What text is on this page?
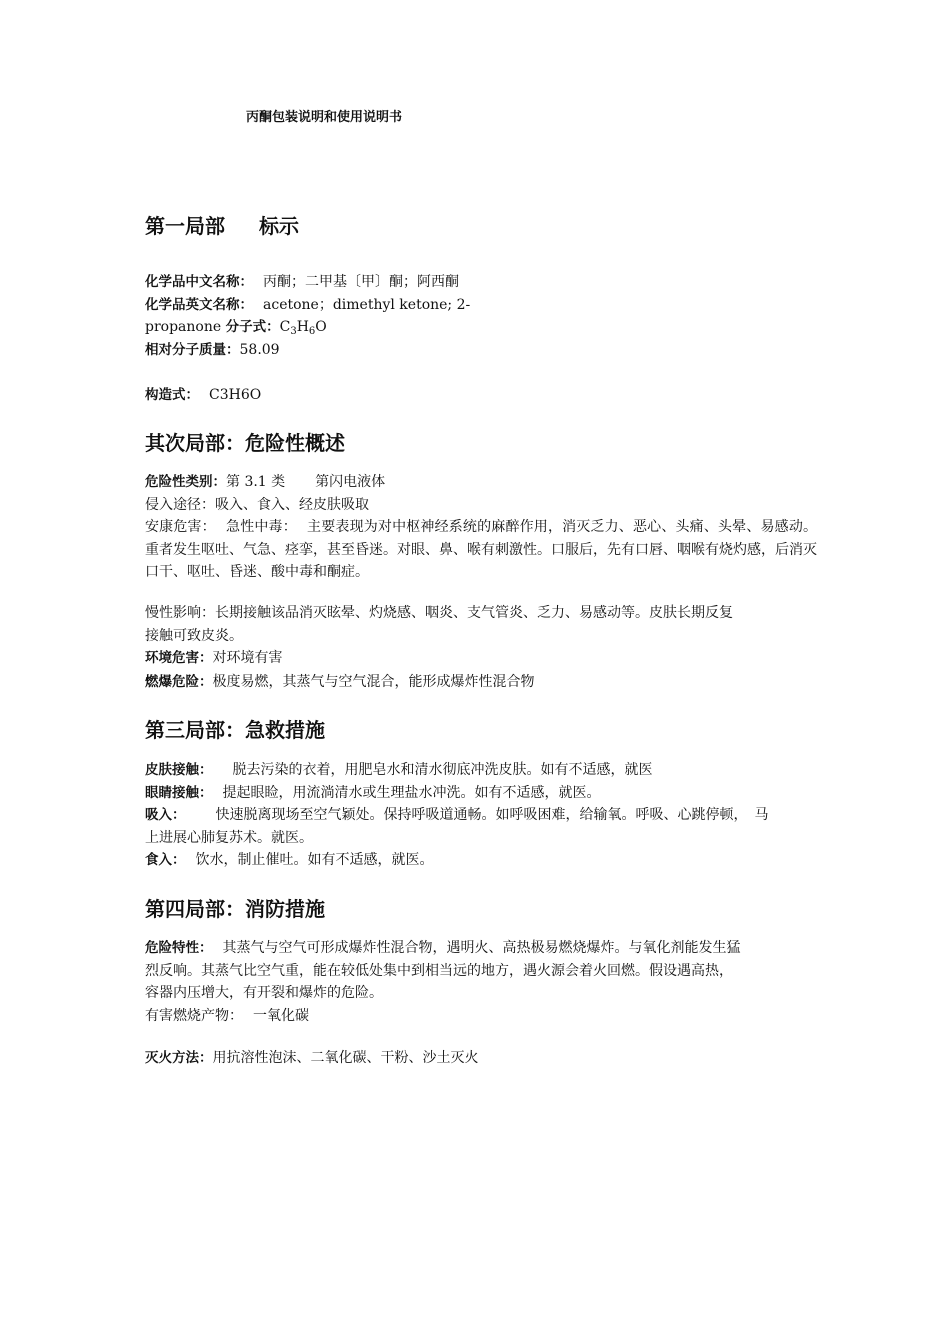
丙酮包装说明和使用说明书

第一局部 标示

化学品中文名称： 丙酮；二甲基〔甲〕酮；阿西酮

化学品英文名称： acetone；dimethyl ketone; 2-

propanone 分子式：$C_3H_6O$

相对分子质量：58.09

构造式： C3H6O

其次局部：危险性概述

危险性类别：第 3.1 类 第闪电液体

侵入途径：吸入、食入、经皮肤吸取

安康危害： 急性中毒： 主要表现为对中枢神经系统的麻醉作用，消灭乏力、恶心、头痛、头晕、易感动。重者发生呕吐、气急、痉挛，甚至昏迷。对眼、鼻、喉有刺激性。口服后，先有口唇、咽喉有烧灼感，后消灭口干、呕吐、昏迷、酸中毒和酮症。

慢性影响：长期接触该品消灭眩晕、灼烧感、咽炎、支气管炎、乏力、易感动等。皮肤长期反复

接触可致皮炎。

环境危害：对环境有害

燃爆危险：极度易燃，其蒸气与空气混合，能形成爆炸性混合物

第三局部：急救措施

皮肤接触： 脱去污染的衣着，用肥皂水和清水彻底冲洗皮肤。如有不适感，就医

眼睛接触： 提起眼睑，用流淌清水或生理盐水冲洗。如有不适感，就医。

吸入： 快速脱离现场至空气颖处。保持呼吸道通畅。如呼吸困难，给输氧。呼吸、心跳停顿，　马

上进展心肺复苏术。就医。

食入： 饮水，制止催吐。如有不适感，就医。

第四局部：消防措施

危险特性： 其蒸气与空气可形成爆炸性混合物，遇明火、高热极易燃烧爆炸。与氧化剂能发生猛

烈反响。其蒸气比空气重，能在较低处集中到相当远的地方，遇火源会着火回燃。假设遇高热，

容器内压增大，有开裂和爆炸的危险。

有害燃烧产物： 一氧化碳

灭火方法：用抗溶性泡沫、二氧化碳、干粉、沙土灭火
